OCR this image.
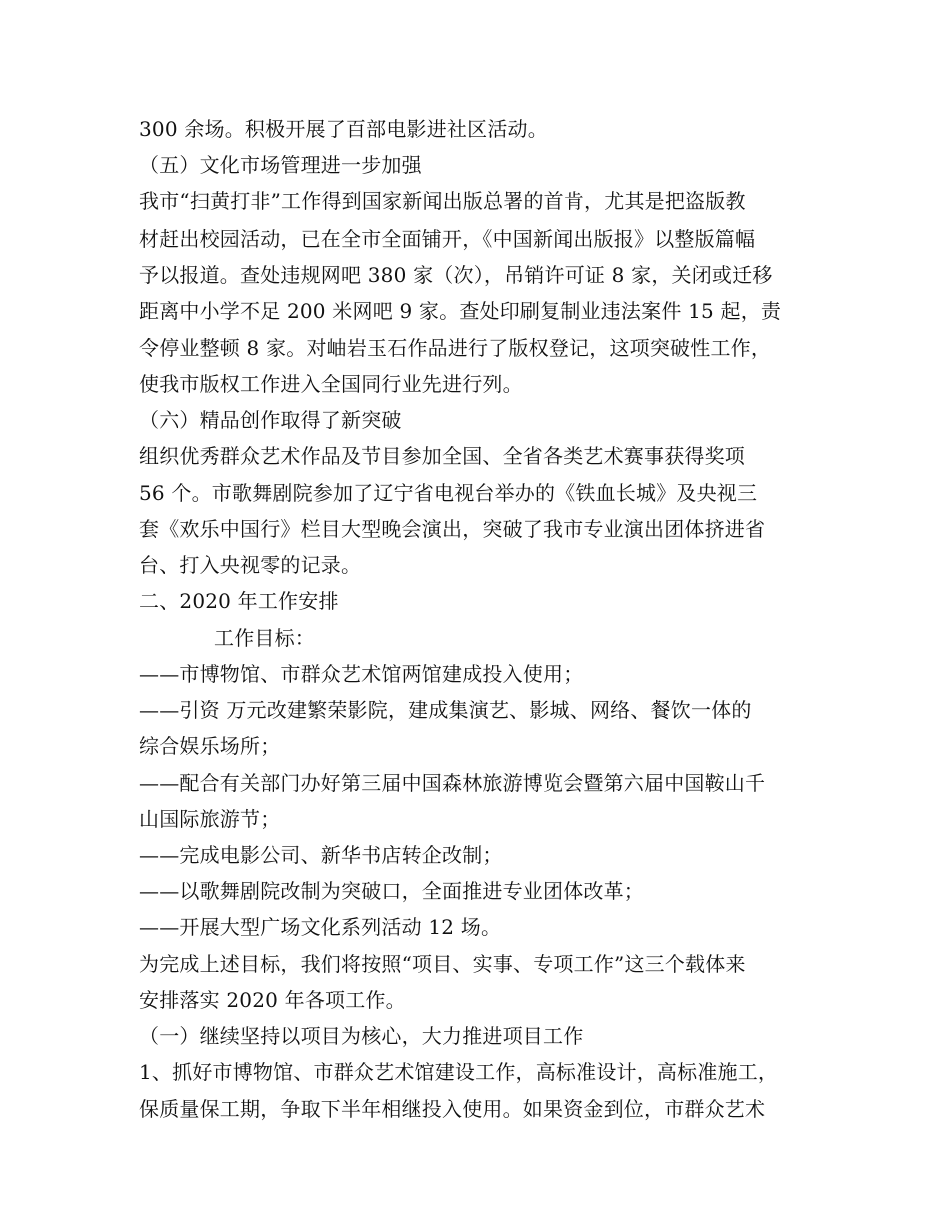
300 余场。积极开展了百部电影进社区活动。
（五）文化市场管理进一步加强
我市“扫黄打非”工作得到国家新闻出版总署的首肯，尤其是把盗版教
材赶出校园活动，已在全市全面铺开，《中国新闻出版报》以整版篇幅
予以报道。查处违规网吧 380 家（次），吊销许可证 8 家，关闭或迁移
距离中小学不足 200 米网吧 9 家。查处印刷复制业违法案件 15 起，责
令停业整顿 8 家。对岫岩玉石作品进行了版权登记，这项突破性工作，
使我市版权工作进入全国同行业先进行列。
（六）精品创作取得了新突破
组织优秀群众艺术作品及节目参加全国、全省各类艺术赛事获得奖项
56 个。市歌舞剧院参加了辽宁省电视台举办的《铁血长城》及央视三
套《欢乐中国行》栏目大型晚会演出，突破了我市专业演出团体挤进省
台、打入央视零的记录。
二、2020 年工作安排
工作目标：
——市博物馆、市群众艺术馆两馆建成投入使用；
——引资 万元改建繁荣影院，建成集演艺、影城、网络、餐饮一体的
综合娱乐场所；
——配合有关部门办好第三届中国森林旅游博览会暨第六届中国鞍山千
山国际旅游节；
——完成电影公司、新华书店转企改制；
——以歌舞剧院改制为突破口，全面推进专业团体改革；
——开展大型广场文化系列活动 12 场。
为完成上述目标，我们将按照“项目、实事、专项工作”这三个载体来
安排落实 2020 年各项工作。
（一）继续坚持以项目为核心，大力推进项目工作
1、抓好市博物馆、市群众艺术馆建设工作，高标准设计，高标准施工，
保质量保工期，争取下半年相继投入使用。如果资金到位，市群众艺术
